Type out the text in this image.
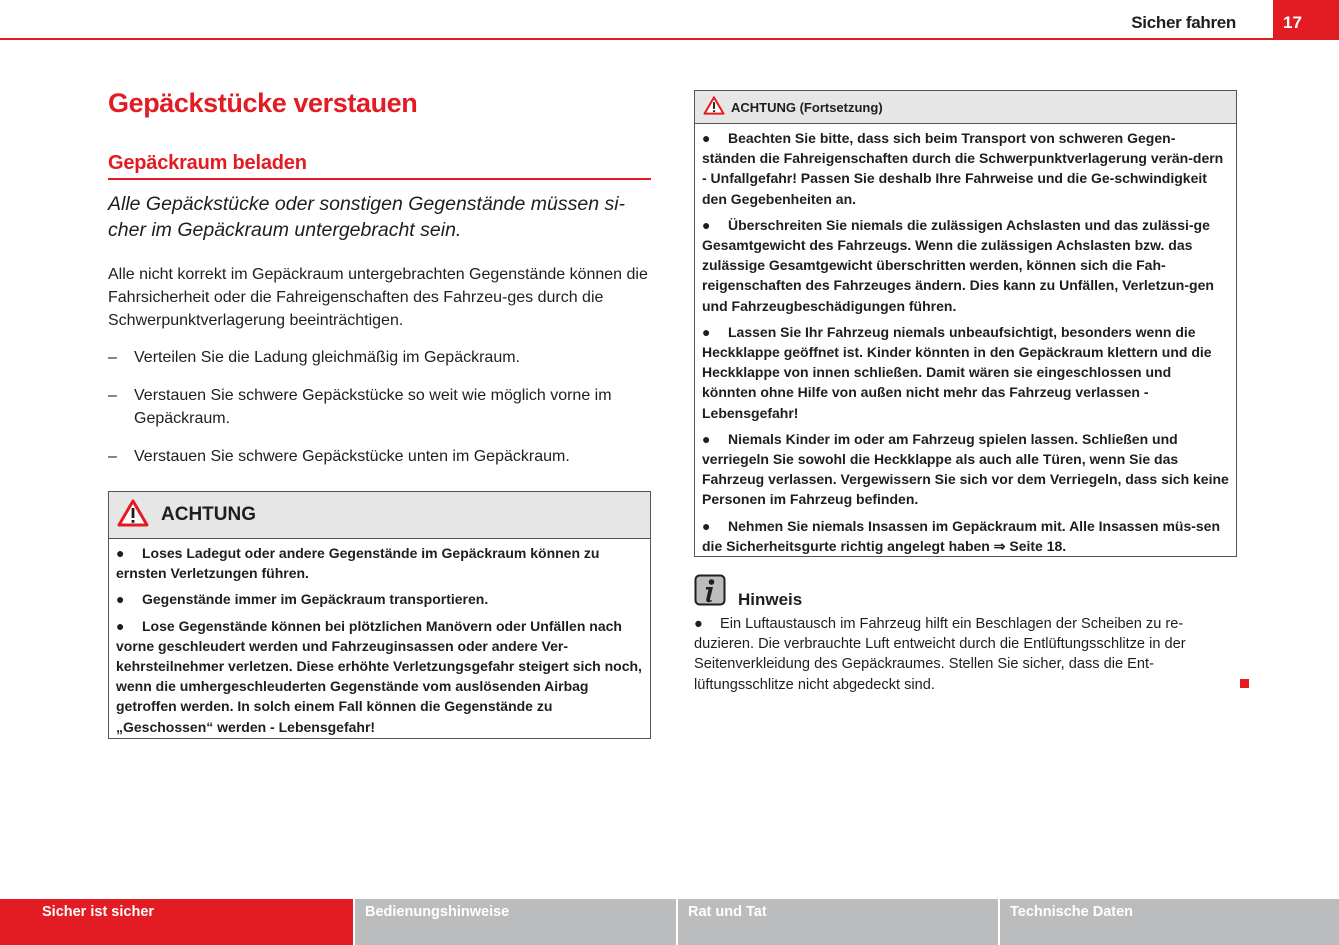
Sicher fahren	17
Gepäckstücke verstauen
Gepäckraum beladen
Alle Gepäckstücke oder sonstigen Gegenstände müssen si-cher im Gepäckraum untergebracht sein.
Alle nicht korrekt im Gepäckraum untergebrachten Gegenstände können die Fahrsicherheit oder die Fahreigenschaften des Fahrzeu-ges durch die Schwerpunktverlagerung beeinträchtigen.
– Verteilen Sie die Ladung gleichmäßig im Gepäckraum.
– Verstauen Sie schwere Gepäckstücke so weit wie möglich vorne im Gepäckraum.
– Verstauen Sie schwere Gepäckstücke unten im Gepäckraum.
ACHTUNG

● Loses Ladegut oder andere Gegenstände im Gepäckraum können zu ernsten Verletzungen führen.

● Gegenstände immer im Gepäckraum transportieren.

● Lose Gegenstände können bei plötzlichen Manövern oder Unfällen nach vorne geschleudert werden und Fahrzeuginsassen oder andere Ver-kehrsteilnehmer verletzen. Diese erhöhte Verletzungsgefahr steigert sich noch, wenn die umhergeschleuderten Gegenstände vom auslösenden Airbag getroffen werden. In solch einem Fall können die Gegenstände zu „Geschossen“ werden - Lebensgefahr!

ACHTUNG (Fortsetzung)

● Beachten Sie bitte, dass sich beim Transport von schweren Gegen-ständen die Fahreigenschaften durch die Schwerpunktverlagerung verän-dern - Unfallgefahr! Passen Sie deshalb Ihre Fahrweise und die Ge-schwindigkeit den Gegebenheiten an.

● Überschreiten Sie niemals die zulässigen Achslasten und das zulässi-ge Gesamtgewicht des Fahrzeugs. Wenn die zulässigen Achslasten bzw. das zulässige Gesamtgewicht überschritten werden, können sich die Fah-reigenschaften des Fahrzeuges ändern. Dies kann zu Unfällen, Verletzun-gen und Fahrzeugbeschädigungen führen.

● Lassen Sie Ihr Fahrzeug niemals unbeaufsichtigt, besonders wenn die Heckklappe geöffnet ist. Kinder könnten in den Gepäckraum klettern und die Heckklappe von innen schließen. Damit wären sie eingeschlossen und könnten ohne Hilfe von außen nicht mehr das Fahrzeug verlassen - Lebensgefahr!

● Niemals Kinder im oder am Fahrzeug spielen lassen. Schließen und verriegeln Sie sowohl die Heckklappe als auch alle Türen, wenn Sie das Fahrzeug verlassen. Vergewissern Sie sich vor dem Verriegeln, dass sich keine Personen im Fahrzeug befinden.

● Nehmen Sie niemals Insassen im Gepäckraum mit. Alle Insassen müs-sen die Sicherheitsgurte richtig angelegt haben ⇒ Seite 18.

Hinweis

● Ein Luftaustausch im Fahrzeug hilft ein Beschlagen der Scheiben zu re-duzieren. Die verbrauchte Luft entweicht durch die Entlüftungsschlitze in der Seitenverkleidung des Gepäckraumes. Stellen Sie sicher, dass die Ent-lüftungsschlitze nicht abgedeckt sind.

Sicher ist sicher	Bedienungshinweise	Rat und Tat	Technische Daten
